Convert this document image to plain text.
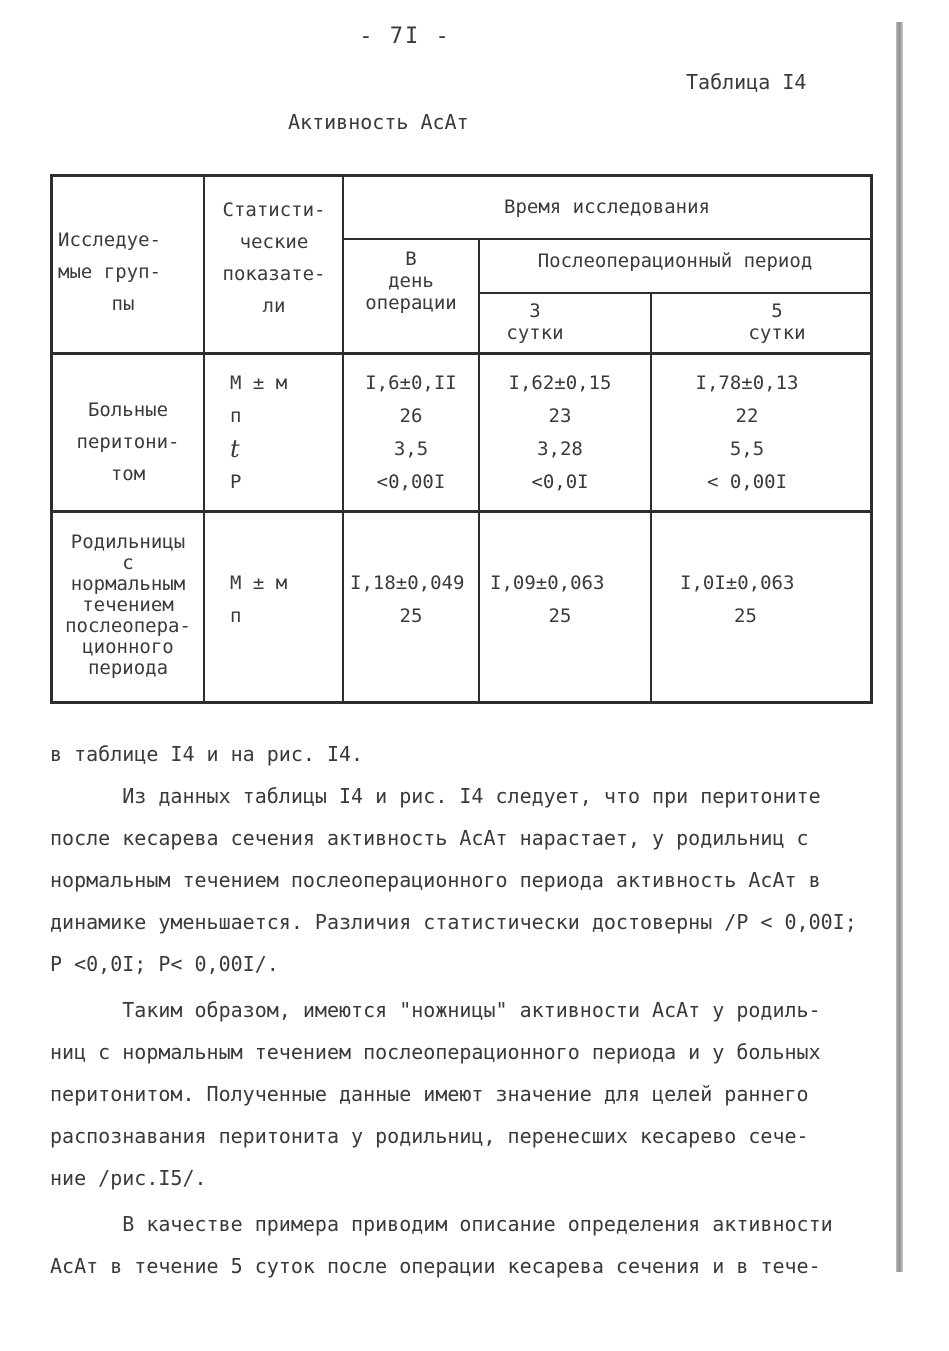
- 7I -
Таблица I4
Активность АсАт
Исследуе-
мые груп-
пы
Статисти-
ческие
показате-
ли
Время исследования
В
день
операции
Послеоперационный период
3
сутки
5
сутки
Больные
перитони-
том
М ± м
п
t
Р
I,6±0,II
26
3,5
<0,00I
I,62±0,15
23
3,28
<0,0I
I,78±0,13
22
5,5
< 0,00I
Родильницы
с
нормальным
течением
послеопера-
ционного
периода
М ± м
п
I,18±0,049
25
I,09±0,063
25
I,0I±0,063
25

в таблице I4 и на рис. I4.

Из данных таблицы I4 и рис. I4 следует, что при перитоните

после кесарева сечения активность АсАт нарастает, у родильниц с

нормальным течением послеоперационного периода активность АсАт в

динамике уменьшается. Различия статистически достоверны /Р < 0,00I;

Р <0,0I; Р< 0,00I/.

Таким образом, имеются "ножницы" активности АсАт у родиль-

ниц с нормальным течением послеоперационного периода и у больных

перитонитом. Полученные данные имеют значение для целей раннего

распознавания перитонита у родильниц, перенесших кесарево сече-

ние /рис.I5/.

В качестве примера приводим описание определения активности

АсАт в течение 5 суток после операции кесарева сечения и в тече-
